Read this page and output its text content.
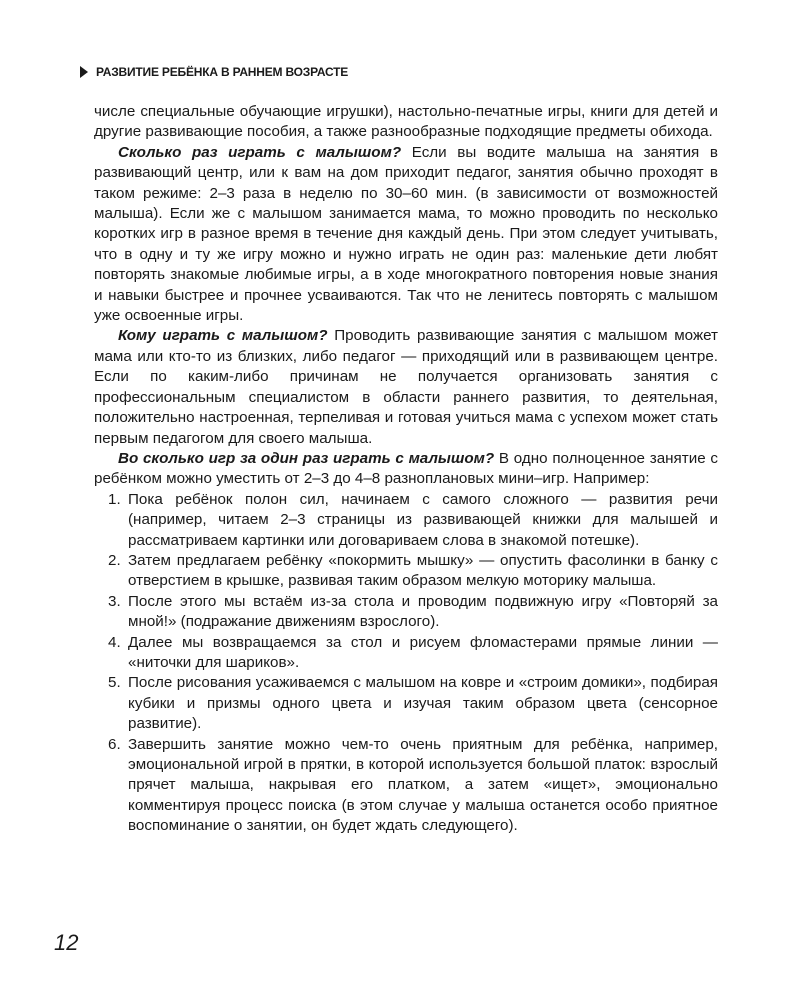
РАЗВИТИЕ РЕБЁНКА В РАННЕМ ВОЗРАСТЕ

числе специальные обучающие игрушки), настольно-печатные игры, книги для детей и другие развивающие пособия, а также разнообразные подходящие предметы обихода.

Сколько раз играть с малышом? Если вы водите малыша на занятия в развивающий центр, или к вам на дом приходит педагог, занятия обычно проходят в таком режиме: 2–3 раза в неделю по 30–60 мин. (в зависимости от возможностей малыша). Если же с малышом занимается мама, то можно проводить по несколько коротких игр в разное время в течение дня каждый день. При этом следует учитывать, что в одну и ту же игру можно и нужно играть не один раз: маленькие дети любят повторять знакомые любимые игры, а в ходе многократного повторения новые знания и навыки быстрее и прочнее усваиваются. Так что не ленитесь повторять с малышом уже освоенные игры.

Кому играть с малышом? Проводить развивающие занятия с малышом может мама или кто-то из близких, либо педагог — приходящий или в развивающем центре. Если по каким-либо причинам не получается организовать занятия с профессиональным специалистом в области раннего развития, то деятельная, положительно настроенная, терпеливая и готовая учиться мама с успехом может стать первым педагогом для своего малыша.

Во сколько игр за один раз играть с малышом? В одно полноценное занятие с ребёнком можно уместить от 2–3 до 4–8 разноплановых мини–игр. Например:

1. Пока ребёнок полон сил, начинаем с самого сложного — развития речи (например, читаем 2–3 страницы из развивающей книжки для малышей и рассматриваем картинки или договариваем слова в знакомой потешке).
2. Затем предлагаем ребёнку «покормить мышку» — опустить фасолинки в банку с отверстием в крышке, развивая таким образом мелкую моторику малыша.
3. После этого мы встаём из-за стола и проводим подвижную игру «Повторяй за мной!» (подражание движениям взрослого).
4. Далее мы возвращаемся за стол и рисуем фломастерами прямые линии — «ниточки для шариков».
5. После рисования усаживаемся с малышом на ковре и «строим домики», подбирая кубики и призмы одного цвета и изучая таким образом цвета (сенсорное развитие).
6. Завершить занятие можно чем-то очень приятным для ребёнка, например, эмоциональной игрой в прятки, в которой используется большой платок: взрослый прячет малыша, накрывая его платком, а затем «ищет», эмоционально комментируя процесс поиска (в этом случае у малыша останется особо приятное воспоминание о занятии, он будет ждать следующего).
12
